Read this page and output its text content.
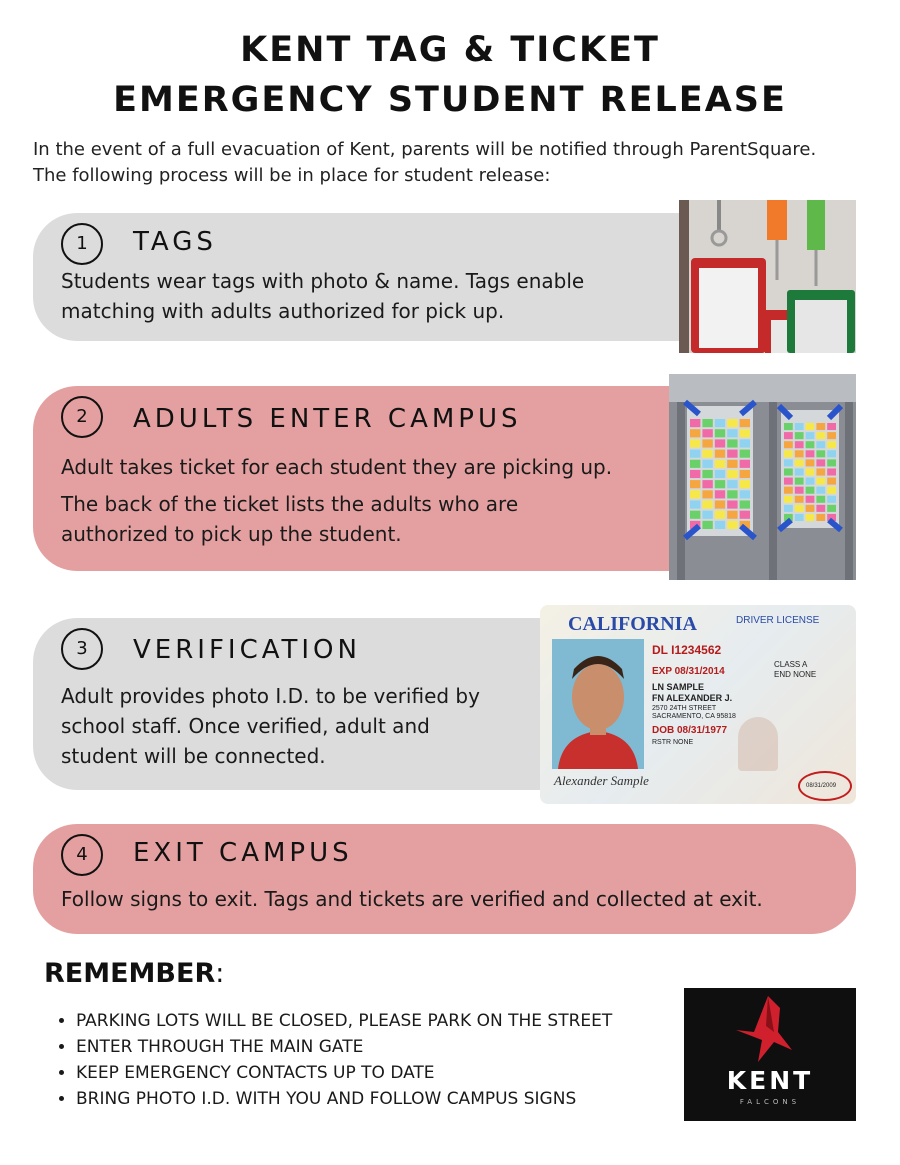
KENT TAG & TICKET
EMERGENCY STUDENT RELEASE
In the event of a full evacuation of Kent, parents will be notified through ParentSquare.
The following process will be in place for student release:
1	TAGS
Students wear tags with photo & name. Tags enable
matching with adults authorized for pick up.
2	ADULTS ENTER CAMPUS
Adult takes ticket for each student they are picking up.
The back of the ticket lists the adults who are
authorized to pick up the student.
3	VERIFICATION
Adult provides photo I.D. to be verified by
school staff. Once verified, adult and
student will be connected.
CALIFORNIA	DRIVER LICENSE
DL I1234562
EXP 08/31/2014
LN SAMPLE
FN ALEXANDER J.
2570 24TH STREET
SACRAMENTO, CA 95818
DOB 08/31/1977
RSTR NONE
CLASS A
END NONE
Alexander Sample	08/31/2009
4	EXIT CAMPUS
Follow signs to exit. Tags and tickets are verified and collected at exit.
REMEMBER:
• PARKING LOTS WILL BE CLOSED, PLEASE PARK ON THE STREET
• ENTER THROUGH THE MAIN GATE
• KEEP EMERGENCY CONTACTS UP TO DATE
• BRING PHOTO I.D. WITH YOU AND FOLLOW CAMPUS SIGNS
KENT
FALCONS
